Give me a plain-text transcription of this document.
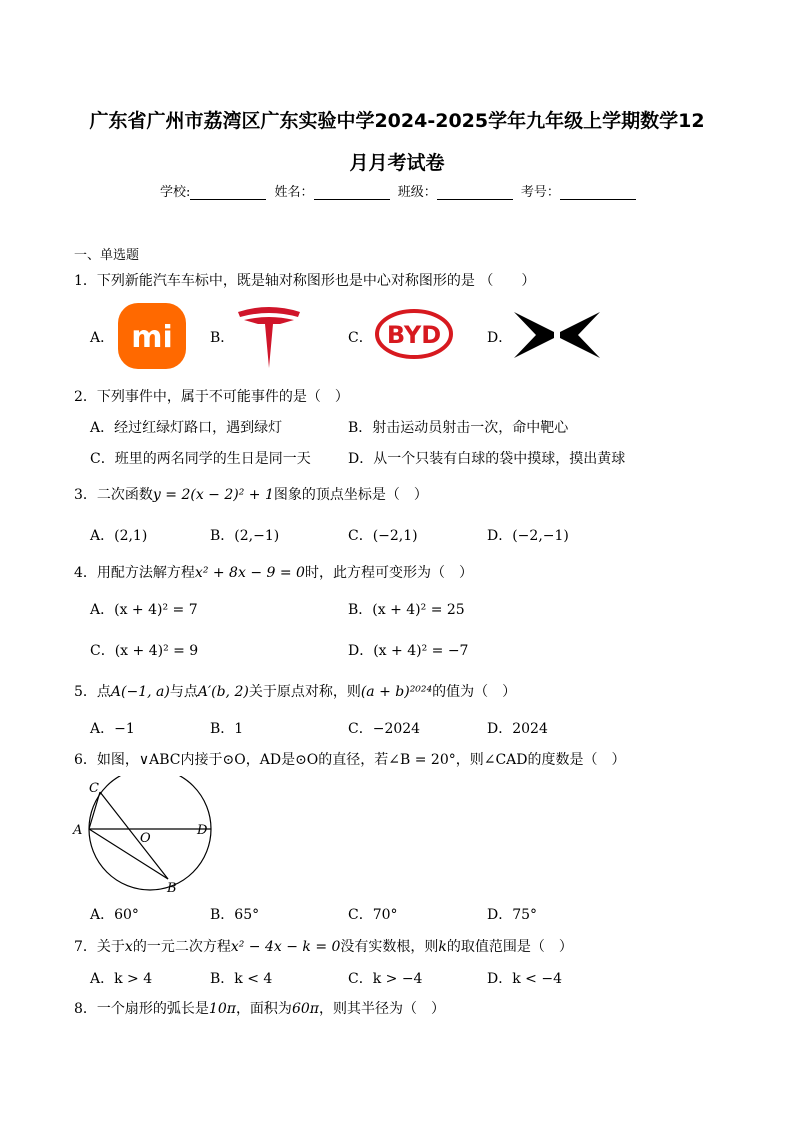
广东省广州市荔湾区广东实验中学2024-2025学年九年级上学期数学12
月月考试卷
学校:	姓名：	班级：	考号：
一、单选题
1．下列新能汽车车标中，既是轴对称图形也是中心对称图形的是 （　　）
A． mi	B．	C． BYD	D．
2．下列事件中，属于不可能事件的是（　）
A．经过红绿灯路口，遇到绿灯	B．射击运动员射击一次，命中靶心
C．班里的两名同学的生日是同一天	D．从一个只装有白球的袋中摸球，摸出黄球
3．二次函数y = 2(x − 2)² + 1图象的顶点坐标是（　）
A．(2,1)	B．(2,−1)	C．(−2,1)	D．(−2,−1)
4．用配方法解方程x² + 8x − 9 = 0时，此方程可变形为（　）
A．(x + 4)² = 7	B．(x + 4)² = 25
C．(x + 4)² = 9	D．(x + 4)² = −7
5．点A(−1, a)与点A′(b, 2)关于原点对称，则(a + b)²⁰²⁴的值为（　）
A．−1	B．1	C．−2024	D．2024
6．如图，∨ABC内接于⊙O，AD是⊙O的直径，若∠B = 20°，则∠CAD的度数是（　）
C
A
O
D
B
A．60°	B．65°	C．70°	D．75°
7．关于x的一元二次方程x² − 4x − k = 0没有实数根，则k的取值范围是（　）
A．k > 4	B．k < 4	C．k > −4	D．k < −4
8．一个扇形的弧长是10π，面积为60π，则其半径为（　）
